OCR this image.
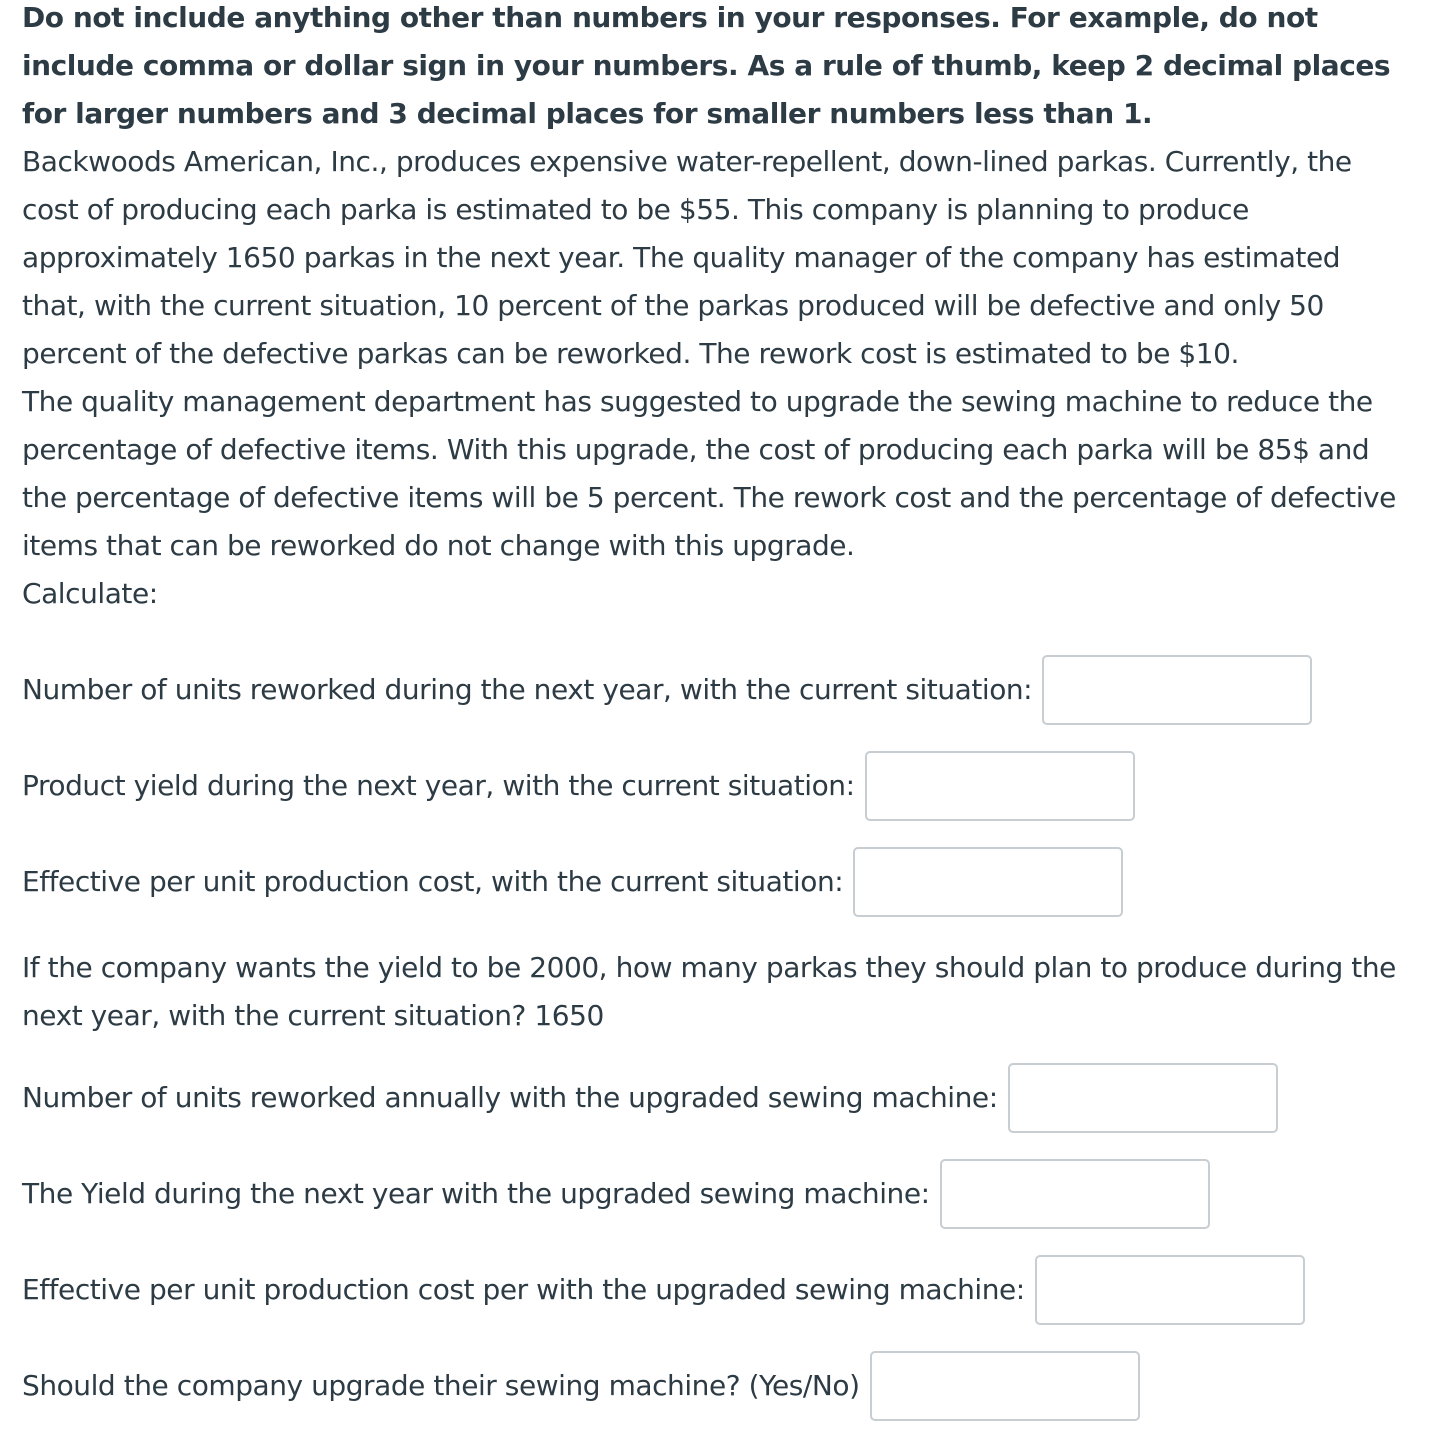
Do not include anything other than numbers in your responses. For example, do not include comma or dollar sign in your numbers. As a rule of thumb, keep 2 decimal places for larger numbers and 3 decimal places for smaller numbers less than 1.

Backwoods American, Inc., produces expensive water-repellent, down-lined parkas. Currently, the cost of producing each parka is estimated to be $55. This company is planning to produce approximately 1650 parkas in the next year. The quality manager of the company has estimated that, with the current situation, 10 percent of the parkas produced will be defective and only 50 percent of the defective parkas can be reworked. The rework cost is estimated to be $10.

The quality management department has suggested to upgrade the sewing machine to reduce the percentage of defective items. With this upgrade, the cost of producing each parka will be 85$ and the percentage of defective items will be 5 percent. The rework cost and the percentage of defective items that can be reworked do not change with this upgrade.

Calculate:

Number of units reworked during the next year, with the current situation:
Product yield during the next year, with the current situation:
Effective per unit production cost, with the current situation:

If the company wants the yield to be 2000, how many parkas they should plan to produce during the next year, with the current situation? 1650

Number of units reworked annually with the upgraded sewing machine:
The Yield during the next year with the upgraded sewing machine:
Effective per unit production cost per with the upgraded sewing machine:
Should the company upgrade their sewing machine? (Yes/No)
